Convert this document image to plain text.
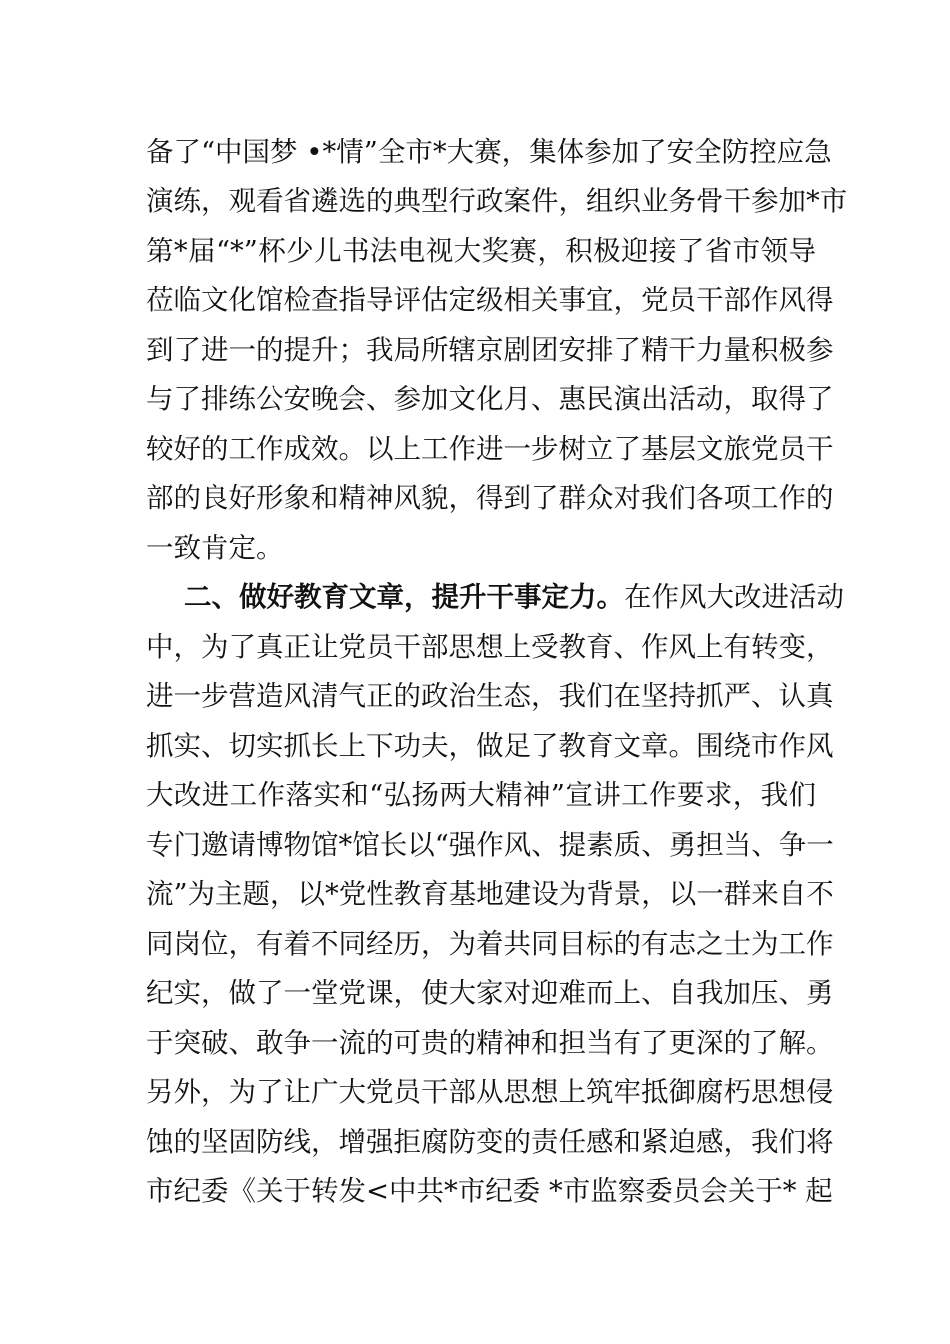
备了“中国梦 •*情”全市*大赛，集体参加了安全防控应急
演练，观看省遴选的典型行政案件，组织业务骨干参加*市
第*届“*”杯少儿书法电视大奖赛，积极迎接了省市领导
莅临文化馆检查指导评估定级相关事宜，党员干部作风得
到了进一的提升；我局所辖京剧团安排了精干力量积极参
与了排练公安晚会、参加文化月、惠民演出活动，取得了
较好的工作成效。以上工作进一步树立了基层文旅党员干
部的良好形象和精神风貌，得到了群众对我们各项工作的
一致肯定。
二、做好教育文章，提升干事定力。在作风大改进活动
中，为了真正让党员干部思想上受教育、作风上有转变，
进一步营造风清气正的政治生态，我们在坚持抓严、认真
抓实、切实抓长上下功夫，做足了教育文章。围绕市作风
大改进工作落实和“弘扬两大精神”宣讲工作要求，我们
专门邀请博物馆*馆长以“强作风、提素质、勇担当、争一
流”为主题，以*党性教育基地建设为背景，以一群来自不
同岗位，有着不同经历，为着共同目标的有志之士为工作
纪实，做了一堂党课，使大家对迎难而上、自我加压、勇
于突破、敢争一流的可贵的精神和担当有了更深的了解。
另外，为了让广大党员干部从思想上筑牢抵御腐朽思想侵
蚀的坚固防线，增强拒腐防变的责任感和紧迫感，我们将
市纪委《关于转发<中共*市纪委 *市监察委员会关于* 起
